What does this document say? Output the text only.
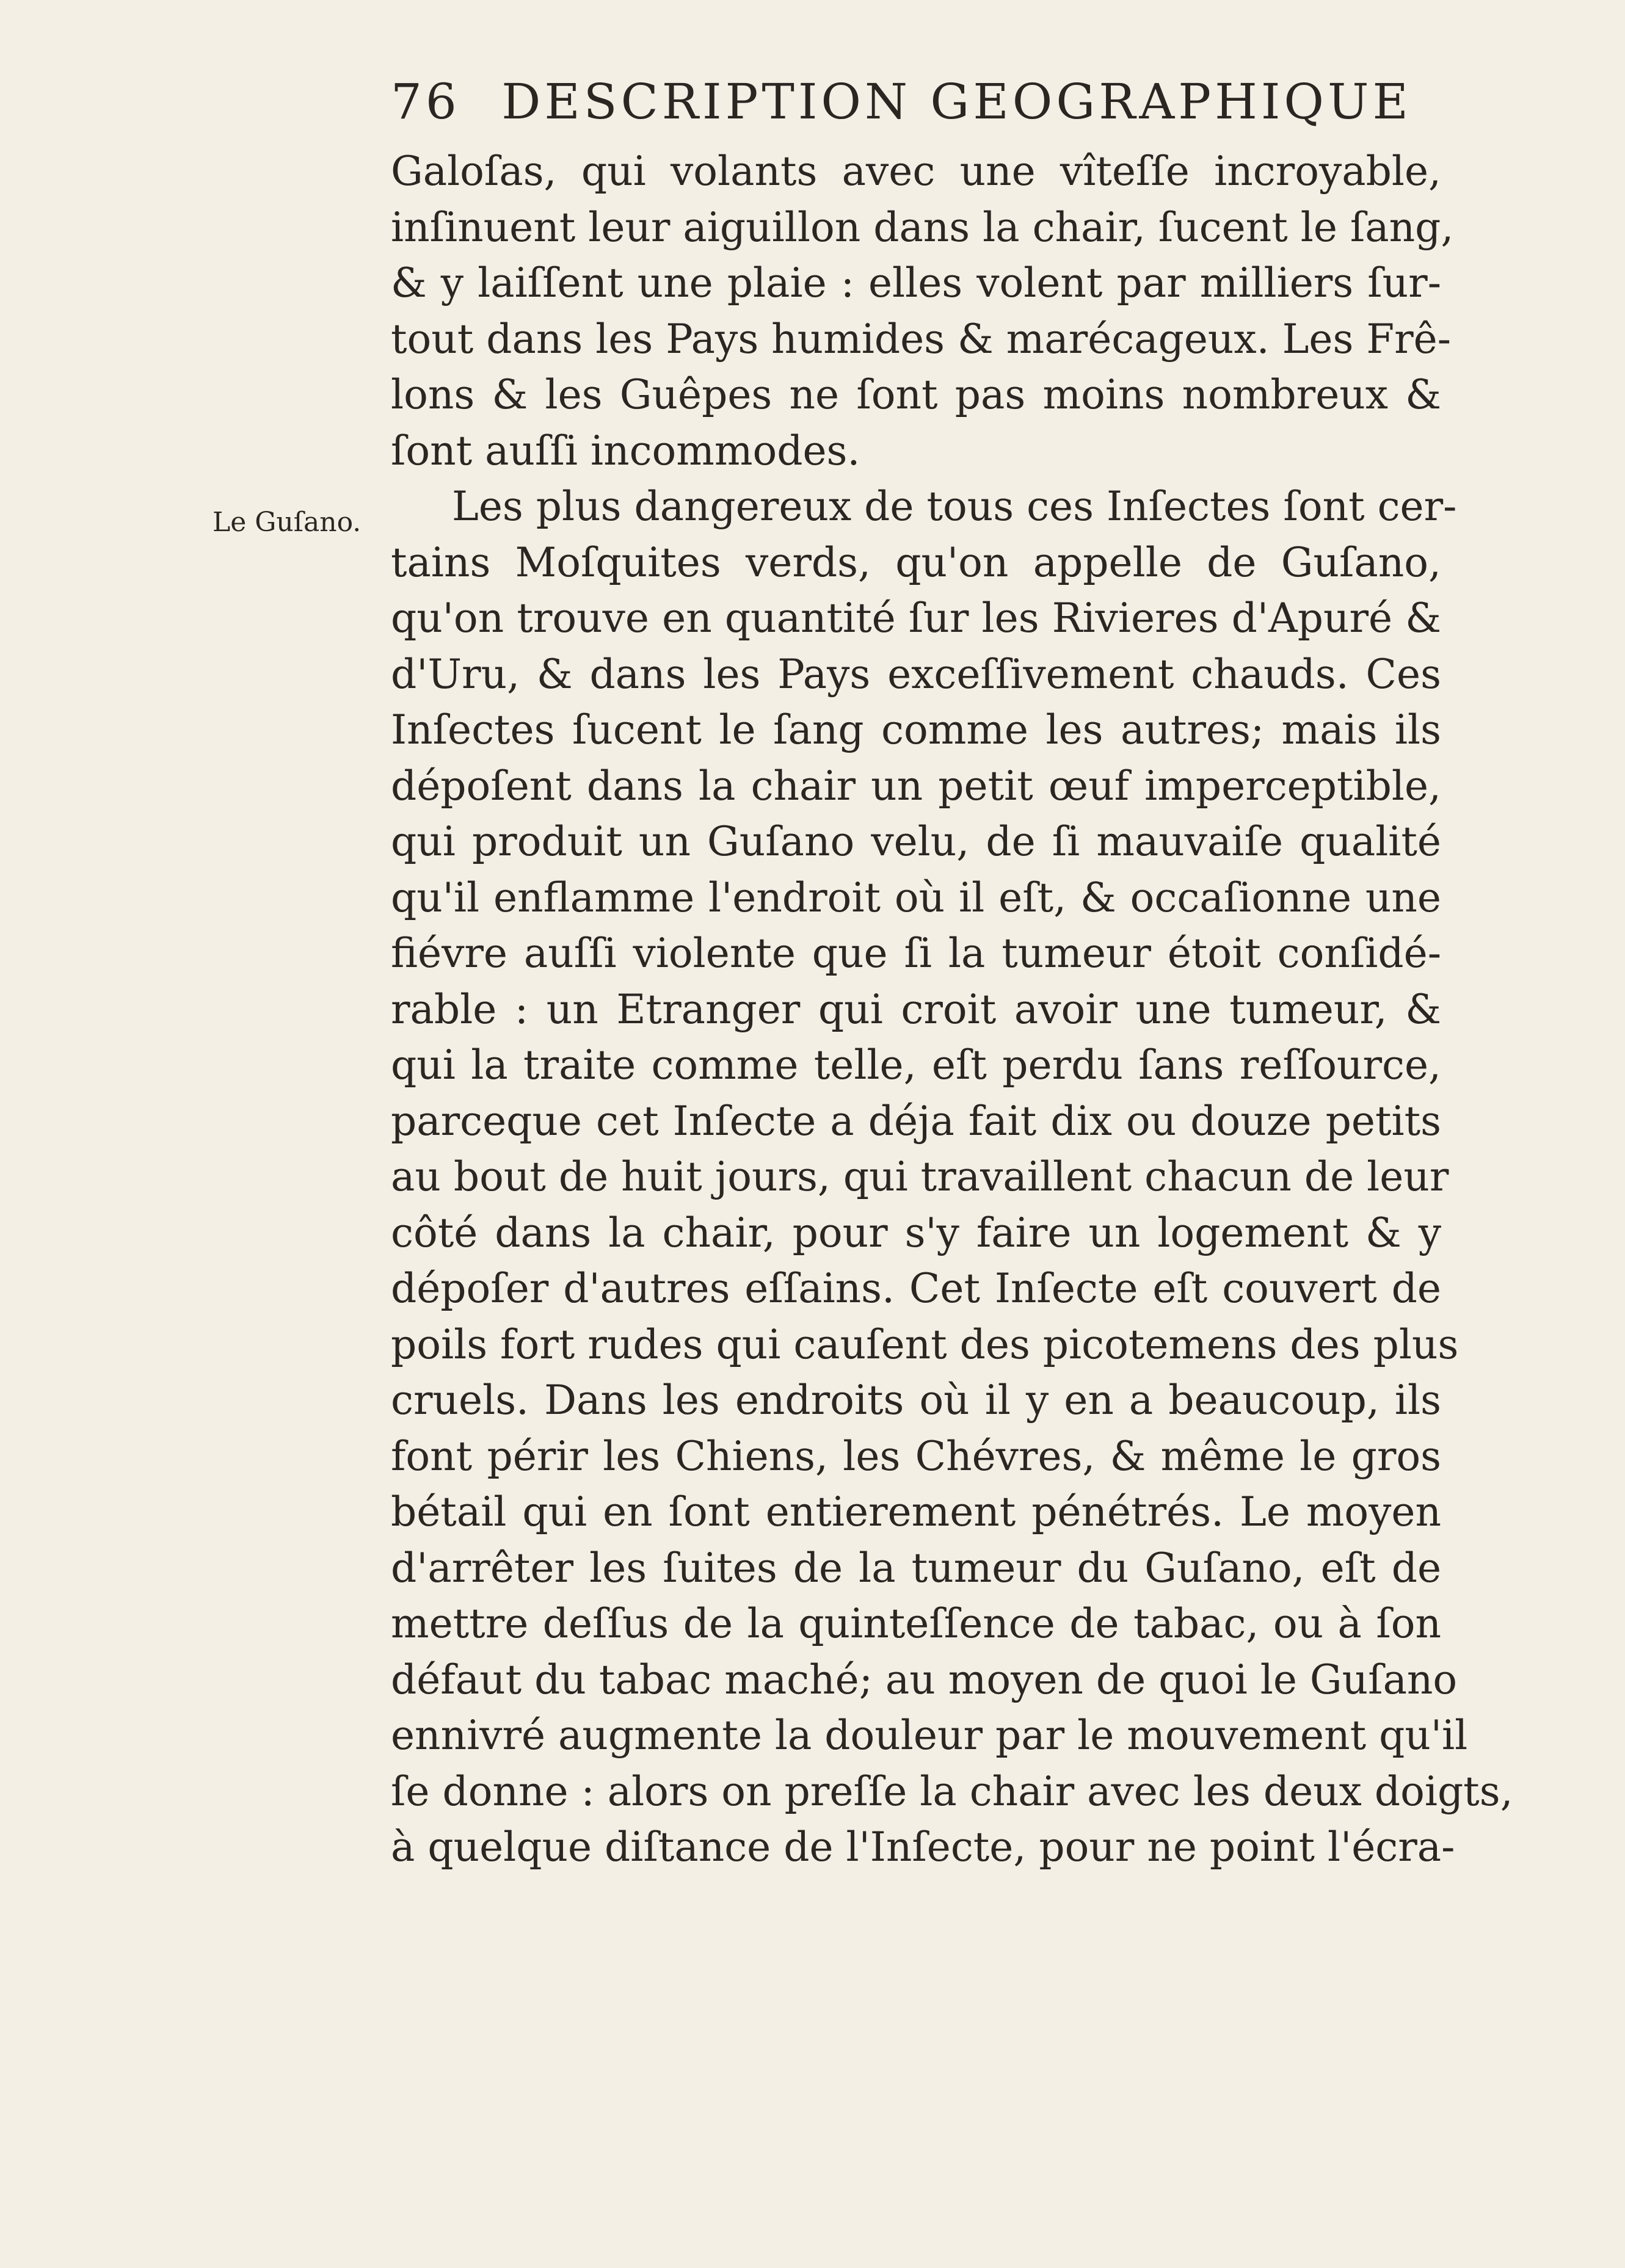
76 DESCRIPTION GEOGRAPHIQUE
Le Guſano.
Galoſas, qui volants avec une vîteſſe incroyable,
inſinuent leur aiguillon dans la chair, ſucent le ſang,
& y laiſſent une plaie : elles volent par milliers ſur-
tout dans les Pays humides & marécageux. Les Frê-
lons & les Guêpes ne ſont pas moins nombreux &
ſont auſſi incommodes.
Les plus dangereux de tous ces Inſectes ſont cer-
tains Moſquites verds, qu'on appelle de Guſano,
qu'on trouve en quantité ſur les Rivieres d'Apuré &
d'Uru, & dans les Pays exceſſivement chauds. Ces
Inſectes ſucent le ſang comme les autres; mais ils
dépoſent dans la chair un petit œuf imperceptible,
qui produit un Guſano velu, de ſi mauvaiſe qualité
qu'il enflamme l'endroit où il eſt, & occaſionne une
fiévre auſſi violente que ſi la tumeur étoit conſidé-
rable : un Etranger qui croit avoir une tumeur, &
qui la traite comme telle, eſt perdu ſans reſſource,
parceque cet Inſecte a déja fait dix ou douze petits
au bout de huit jours, qui travaillent chacun de leur
côté dans la chair, pour s'y faire un logement & y
dépoſer d'autres eſſains. Cet Inſecte eſt couvert de
poils fort rudes qui cauſent des picotemens des plus
cruels. Dans les endroits où il y en a beaucoup, ils
font périr les Chiens, les Chévres, & même le gros
bétail qui en ſont entierement pénétrés. Le moyen
d'arrêter les ſuites de la tumeur du Guſano, eſt de
mettre deſſus de la quinteſſence de tabac, ou à ſon
défaut du tabac maché; au moyen de quoi le Guſano
ennivré augmente la douleur par le mouvement qu'il
ſe donne : alors on preſſe la chair avec les deux doigts,
à quelque diſtance de l'Inſecte, pour ne point l'écra-
